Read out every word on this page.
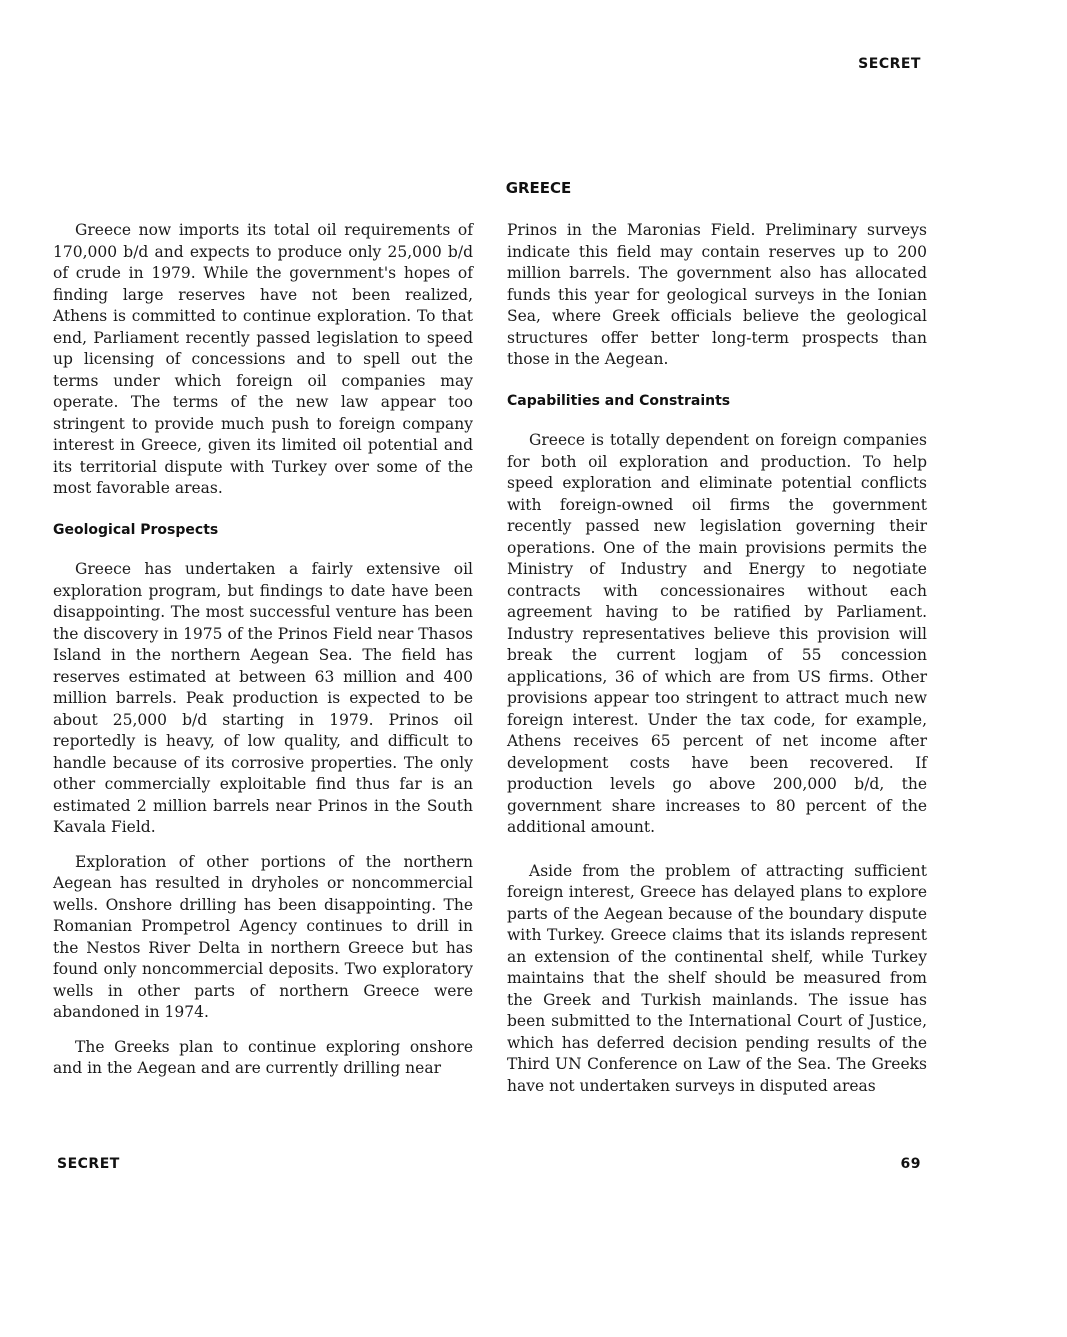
SECRET
GREECE

Greece now imports its total oil requirements of 170,000 b/d and expects to produce only 25,000 b/d of crude in 1979. While the government's hopes of finding large reserves have not been realized, Athens is committed to continue exploration. To that end, Parliament recently passed legislation to speed up licensing of concessions and to spell out the terms under which foreign oil companies may operate. The terms of the new law appear too stringent to provide much push to foreign company interest in Greece, given its limited oil potential and its territorial dispute with Turkey over some of the most favorable areas.

Geological Prospects

Greece has undertaken a fairly extensive oil exploration program, but findings to date have been disappointing. The most successful venture has been the discovery in 1975 of the Prinos Field near Thasos Island in the northern Aegean Sea. The field has reserves estimated at between 63 million and 400 million barrels. Peak production is expected to be about 25,000 b/d starting in 1979. Prinos oil reportedly is heavy, of low quality, and difficult to handle because of its corrosive properties. The only other commercially exploitable find thus far is an estimated 2 million barrels near Prinos in the South Kavala Field.

Exploration of other portions of the northern Aegean has resulted in dryholes or noncommercial wells. Onshore drilling has been disappointing. The Romanian Prompetrol Agency continues to drill in the Nestos River Delta in northern Greece but has found only noncommercial deposits. Two exploratory wells in other parts of northern Greece were abandoned in 1974.

The Greeks plan to continue exploring onshore and in the Aegean and are currently drilling near

Prinos in the Maronias Field. Preliminary surveys indicate this field may contain reserves up to 200 million barrels. The government also has allocated funds this year for geological surveys in the Ionian Sea, where Greek officials believe the geological structures offer better long-term prospects than those in the Aegean.

Capabilities and Constraints

Greece is totally dependent on foreign companies for both oil exploration and production. To help speed exploration and eliminate potential conflicts with foreign-owned oil firms the government recently passed new legislation governing their operations. One of the main provisions permits the Ministry of Industry and Energy to negotiate contracts with concessionaires without each agreement having to be ratified by Parliament. Industry representatives believe this provision will break the current logjam of 55 concession applications, 36 of which are from US firms. Other provisions appear too stringent to attract much new foreign interest. Under the tax code, for example, Athens receives 65 percent of net income after development costs have been recovered. If production levels go above 200,000 b/d, the government share increases to 80 percent of the additional amount.

Aside from the problem of attracting sufficient foreign interest, Greece has delayed plans to explore parts of the Aegean because of the boundary dispute with Turkey. Greece claims that its islands represent an extension of the continental shelf, while Turkey maintains that the shelf should be measured from the Greek and Turkish mainlands. The issue has been submitted to the International Court of Justice, which has deferred decision pending results of the Third UN Conference on Law of the Sea. The Greeks have not undertaken surveys in disputed areas

SECRET	69
